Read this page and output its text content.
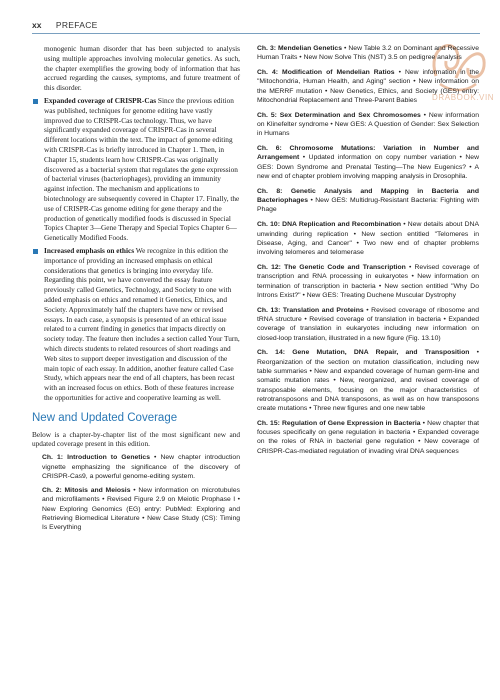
xx PREFACE
DRABOOK.VIN

monogenic human disorder that has been subjected to analysis using multiple approaches involving molecular genetics. As such, the chapter exemplifies the growing body of information that has accrued regarding the causes, symptoms, and future treatment of this disorder.

Expanded coverage of CRISPR-Cas Since the previous edition was published, techniques for genome editing have vastly improved due to CRISPR-Cas technology. Thus, we have significantly expanded coverage of CRISPR-Cas in several different locations within the text. The impact of genome editing with CRISPR-Cas is briefly introduced in Chapter 1. Then, in Chapter 15, students learn how CRISPR-Cas was originally discovered as a bacterial system that regulates the gene expression of bacterial viruses (bacteriophages), providing an immunity against infection. The mechanism and applications to biotechnology are subsequently covered in Chapter 17. Finally, the use of CRISPR-Cas genome editing for gene therapy and the production of genetically modified foods is discussed in Special Topics Chapter 3—Gene Therapy and Special Topics Chapter 6—Genetically Modified Foods.

Increased emphasis on ethics We recognize in this edition the importance of providing an increased emphasis on ethical considerations that genetics is bringing into everyday life. Regarding this point, we have converted the essay feature previously called Genetics, Technology, and Society to one with added emphasis on ethics and renamed it Genetics, Ethics, and Society. Approximately half the chapters have new or revised essays. In each case, a synopsis is presented of an ethical issue related to a current finding in genetics that impacts directly on society today. The feature then includes a section called Your Turn, which directs students to related resources of short readings and Web sites to support deeper investigation and discussion of the main topic of each essay. In addition, another feature called Case Study, which appears near the end of all chapters, has been recast with an increased focus on ethics. Both of these features increase the opportunities for active and cooperative learning as well.

New and Updated Coverage

Below is a chapter-by-chapter list of the most significant new and updated coverage present in this edition.

Ch. 1: Introduction to Genetics • New chapter introduction vignette emphasizing the significance of the discovery of CRISPR-Cas9, a powerful genome-editing system.

Ch. 2: Mitosis and Meiosis • New information on microtubules and microfilaments • Revised Figure 2.9 on Meiotic Prophase I • New Exploring Genomics (EG) entry: PubMed: Exploring and Retrieving Biomedical Literature • New Case Study (CS): Timing Is Everything

Ch. 3: Mendelian Genetics • New Table 3.2 on Dominant and Recessive Human Traits • New Now Solve This (NST) 3.5 on pedigree analysis

Ch. 4: Modification of Mendelian Ratios • New information in the "Mitochondria, Human Health, and Aging" section • New information on the MERRF mutation • New Genetics, Ethics, and Society (GES) entry: Mitochondrial Replacement and Three-Parent Babies

Ch. 5: Sex Determination and Sex Chromosomes • New information on Klinefelter syndrome • New GES: A Question of Gender: Sex Selection in Humans

Ch. 6: Chromosome Mutations: Variation in Number and Arrangement • Updated information on copy number variation • New GES: Down Syndrome and Prenatal Testing—The New Eugenics? • A new end of chapter problem involving mapping analysis in Drosophila.

Ch. 8: Genetic Analysis and Mapping in Bacteria and Bacteriophages • New GES: Multidrug-Resistant Bacteria: Fighting with Phage

Ch. 10: DNA Replication and Recombination • New details about DNA unwinding during replication • New section entitled "Telomeres in Disease, Aging, and Cancer" • Two new end of chapter problems involving telomeres and telomerase

Ch. 12: The Genetic Code and Transcription • Revised coverage of transcription and RNA processing in eukaryotes • New information on termination of transcription in bacteria • New section entitled "Why Do Introns Exist?" • New GES: Treating Duchene Muscular Dystrophy

Ch. 13: Translation and Proteins • Revised coverage of ribosome and tRNA structure • Revised coverage of translation in bacteria • Expanded coverage of translation in eukaryotes including new information on closed-loop translation, illustrated in a new figure (Fig. 13.10)

Ch. 14: Gene Mutation, DNA Repair, and Transposition • Reorganization of the section on mutation classification, including new table summaries • New and expanded coverage of human germ-line and somatic mutation rates • New, reorganized, and revised coverage of transposable elements, focusing on the major characteristics of retrotransposons and DNA transposons, as well as on how transposons create mutations • Three new figures and one new table

Ch. 15: Regulation of Gene Expression in Bacteria • New chapter that focuses specifically on gene regulation in bacteria • Expanded coverage on the roles of RNA in bacterial gene regulation • New coverage of CRISPR-Cas-mediated regulation of invading viral DNA sequences
